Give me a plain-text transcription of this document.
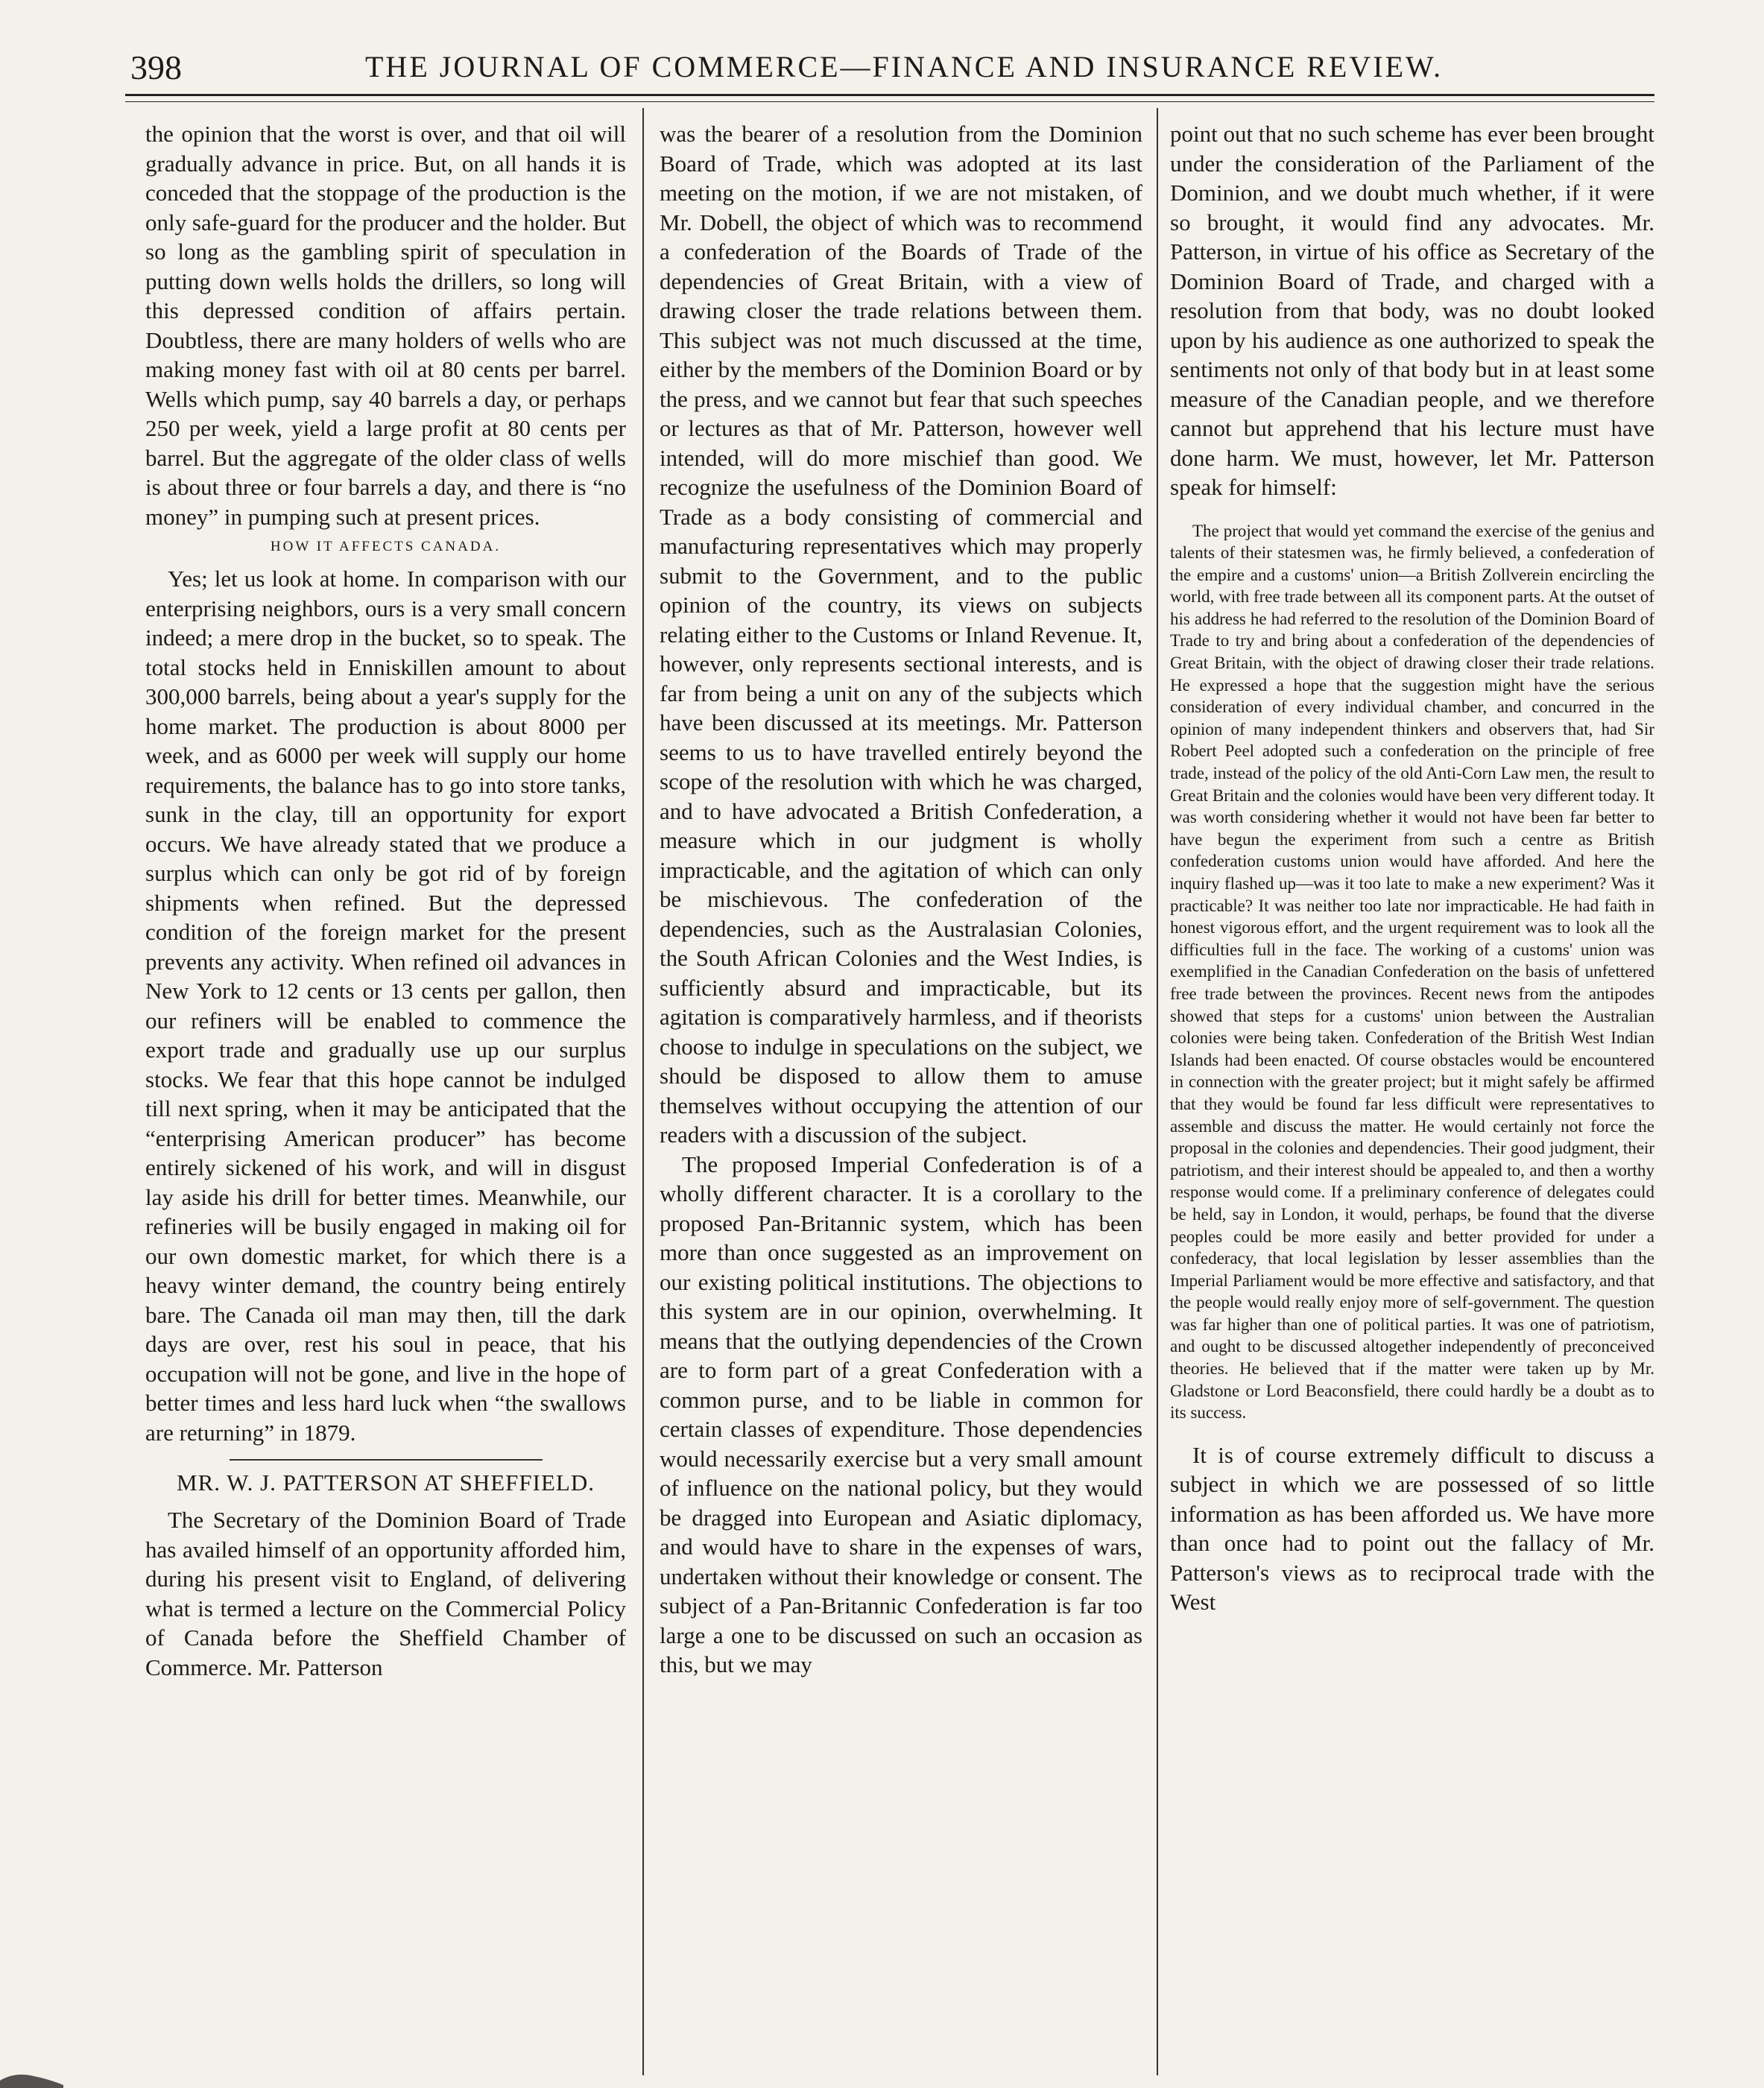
398	THE JOURNAL OF COMMERCE—FINANCE AND INSURANCE REVIEW.

the opinion that the worst is over, and that oil will gradually advance in price. But, on all hands it is conceded that the stoppage of the production is the only safe-guard for the producer and the holder. But so long as the gambling spirit of speculation in putting down wells holds the drillers, so long will this depressed condition of affairs pertain. Doubtless, there are many holders of wells who are making money fast with oil at 80 cents per barrel. Wells which pump, say 40 barrels a day, or perhaps 250 per week, yield a large profit at 80 cents per barrel. But the aggregate of the older class of wells is about three or four barrels a day, and there is “no money” in pumping such at present prices.

HOW IT AFFECTS CANADA.

Yes; let us look at home. In comparison with our enterprising neighbors, ours is a very small concern indeed; a mere drop in the bucket, so to speak. The total stocks held in Enniskillen amount to about 300,000 barrels, being about a year's supply for the home market. The production is about 8000 per week, and as 6000 per week will supply our home requirements, the balance has to go into store tanks, sunk in the clay, till an opportunity for export occurs. We have already stated that we produce a surplus which can only be got rid of by foreign shipments when refined. But the depressed condition of the foreign market for the present prevents any activity. When refined oil advances in New York to 12 cents or 13 cents per gallon, then our refiners will be enabled to commence the export trade and gradually use up our surplus stocks. We fear that this hope cannot be indulged till next spring, when it may be anticipated that the “enterprising American producer” has become entirely sickened of his work, and will in disgust lay aside his drill for better times. Meanwhile, our refineries will be busily engaged in making oil for our own domestic market, for which there is a heavy winter demand, the country being entirely bare. The Canada oil man may then, till the dark days are over, rest his soul in peace, that his occupation will not be gone, and live in the hope of better times and less hard luck when “the swallows are returning” in 1879.

MR. W. J. PATTERSON AT SHEFFIELD.

The Secretary of the Dominion Board of Trade has availed himself of an opportunity afforded him, during his present visit to England, of delivering what is termed a lecture on the Commercial Policy of Canada before the Sheffield Chamber of Commerce. Mr. Patterson

was the bearer of a resolution from the Dominion Board of Trade, which was adopted at its last meeting on the motion, if we are not mistaken, of Mr. Dobell, the object of which was to recommend a confederation of the Boards of Trade of the dependencies of Great Britain, with a view of drawing closer the trade relations between them. This subject was not much discussed at the time, either by the members of the Dominion Board or by the press, and we cannot but fear that such speeches or lectures as that of Mr. Patterson, however well intended, will do more mischief than good. We recognize the usefulness of the Dominion Board of Trade as a body consisting of commercial and manufacturing representatives which may properly submit to the Government, and to the public opinion of the country, its views on subjects relating either to the Customs or Inland Revenue. It, however, only represents sectional interests, and is far from being a unit on any of the subjects which have been discussed at its meetings. Mr. Patterson seems to us to have travelled entirely beyond the scope of the resolution with which he was charged, and to have advocated a British Confederation, a measure which in our judgment is wholly impracticable, and the agitation of which can only be mischievous. The confederation of the dependencies, such as the Australasian Colonies, the South African Colonies and the West Indies, is sufficiently absurd and impracticable, but its agitation is comparatively harmless, and if theorists choose to indulge in speculations on the subject, we should be disposed to allow them to amuse themselves without occupying the attention of our readers with a discussion of the subject.

The proposed Imperial Confederation is of a wholly different character. It is a corollary to the proposed Pan-Britannic system, which has been more than once suggested as an improvement on our existing political institutions. The objections to this system are in our opinion, overwhelming. It means that the outlying dependencies of the Crown are to form part of a great Confederation with a common purse, and to be liable in common for certain classes of expenditure. Those dependencies would necessarily exercise but a very small amount of influence on the national policy, but they would be dragged into European and Asiatic diplomacy, and would have to share in the expenses of wars, undertaken without their knowledge or consent. The subject of a Pan-Britannic Confederation is far too large a one to be discussed on such an occasion as this, but we may

point out that no such scheme has ever been brought under the consideration of the Parliament of the Dominion, and we doubt much whether, if it were so brought, it would find any advocates. Mr. Patterson, in virtue of his office as Secretary of the Dominion Board of Trade, and charged with a resolution from that body, was no doubt looked upon by his audience as one authorized to speak the sentiments not only of that body but in at least some measure of the Canadian people, and we therefore cannot but apprehend that his lecture must have done harm. We must, however, let Mr. Patterson speak for himself:

The project that would yet command the exercise of the genius and talents of their statesmen was, he firmly believed, a confederation of the empire and a customs' union—a British Zollverein encircling the world, with free trade between all its component parts. At the outset of his address he had referred to the resolution of the Dominion Board of Trade to try and bring about a confederation of the dependencies of Great Britain, with the object of drawing closer their trade relations. He expressed a hope that the suggestion might have the serious consideration of every individual chamber, and concurred in the opinion of many independent thinkers and observers that, had Sir Robert Peel adopted such a confederation on the principle of free trade, instead of the policy of the old Anti-Corn Law men, the result to Great Britain and the colonies would have been very different today. It was worth considering whether it would not have been far better to have begun the experiment from such a centre as British confederation customs union would have afforded. And here the inquiry flashed up—was it too late to make a new experiment? Was it practicable? It was neither too late nor impracticable. He had faith in honest vigorous effort, and the urgent requirement was to look all the difficulties full in the face. The working of a customs' union was exemplified in the Canadian Confederation on the basis of unfettered free trade between the provinces. Recent news from the antipodes showed that steps for a customs' union between the Australian colonies were being taken. Confederation of the British West Indian Islands had been enacted. Of course obstacles would be encountered in connection with the greater project; but it might safely be affirmed that they would be found far less difficult were representatives to assemble and discuss the matter. He would certainly not force the proposal in the colonies and dependencies. Their good judgment, their patriotism, and their interest should be appealed to, and then a worthy response would come. If a preliminary conference of delegates could be held, say in London, it would, perhaps, be found that the diverse peoples could be more easily and better provided for under a confederacy, that local legislation by lesser assemblies than the Imperial Parliament would be more effective and satisfactory, and that the people would really enjoy more of self-government. The question was far higher than one of political parties. It was one of patriotism, and ought to be discussed altogether independently of preconceived theories. He believed that if the matter were taken up by Mr. Gladstone or Lord Beaconsfield, there could hardly be a doubt as to its success.

It is of course extremely difficult to discuss a subject in which we are possessed of so little information as has been afforded us. We have more than once had to point out the fallacy of Mr. Patterson's views as to reciprocal trade with the West
